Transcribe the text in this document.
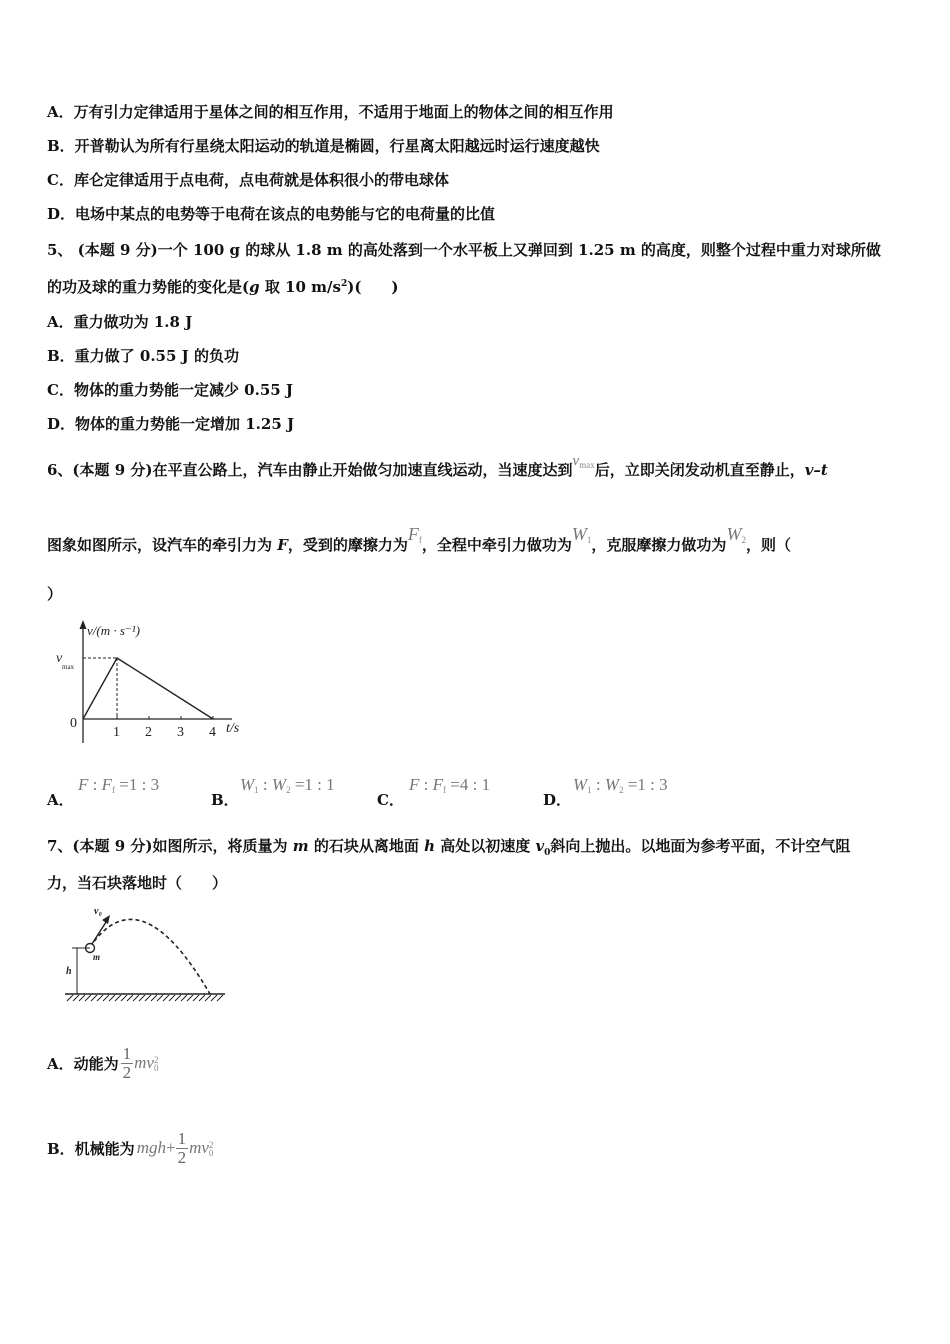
A．万有引力定律适用于星体之间的相互作用，不适用于地面上的物体之间的相互作用
B．开普勒认为所有行星绕太阳运动的轨道是椭圆，行星离太阳越远时运行速度越快
C．库仑定律适用于点电荷，点电荷就是体积很小的带电球体
D．电场中某点的电势等于电荷在该点的电势能与它的电荷量的比值
5、 (本题 9 分)一个 100 g 的球从 1.8 m 的高处落到一个水平板上又弹回到 1.25 m 的高度，则整个过程中重力对球所做
的功及球的重力势能的变化是(g 取 10 $m/s^2$)(　　)
A．重力做功为 1.8 J
B．重力做了 0.55 J 的负功
C．物体的重力势能一定减少 0.55 J
D．物体的重力势能一定增加 1.25 J
6、(本题 9 分)在平直公路上，汽车由静止开始做匀加速直线运动，当速度达到$v_{max}$后，立即关闭发动机直至静止，v–t
图象如图所示，设汽车的牵引力为 F，受到的摩擦力为$F_f$，全程中牵引力做功为$W_1$，克服摩擦力做功为$W_2$，则（
）
v/(m · s⁻¹)
v
max
0
1 2 3 4 t/s
A．
F : $F_f =1$ : 3
B．
$W_1$ : $W_2 =1$ : 1
C．
F : $F_f =4$ : 1
D．
$W_1$ : $W_2 =1$ : 3
7、(本题 9 分)如图所示，将质量为 m 的石块从离地面 h 高处以初速度 $v_0$斜向上抛出。以地面为参考平面，不计空气阻
力，当石块落地时（　　）
v₀
m
h
A．动能为 $\frac{1}{2}$ mv 2
0
B．机械能为 mgh + $\frac{1}{2}$ mv 2
0
